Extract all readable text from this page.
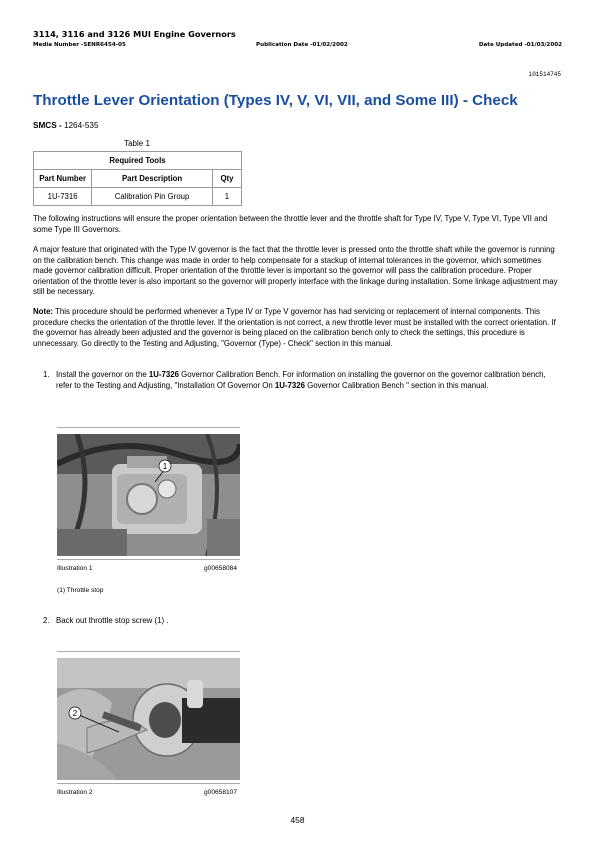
3114, 3116 and 3126 MUI Engine Governors
Media Number -SENR6454-05	Publication Date -01/02/2002	Date Updated -01/03/2002
i01514745
Throttle Lever Orientation (Types IV, V, VI, VII, and Some III) - Check
SMCS - 1264-535
Table 1
Required Tools		
Part Number	Part Description	Qty
1U-7316	Calibration Pin Group	1
The following instructions will ensure the proper orientation between the throttle lever and the throttle shaft for Type IV, Type V, Type VI, Type VII and some Type III Governors.
A major feature that originated with the Type IV governor is the fact that the throttle lever is pressed onto the throttle shaft while the governor is running on the calibration bench. This change was made in order to help compensate for a stackup of internal tolerances in the governor, which sometimes made governor calibration difficult. Proper orientation of the throttle lever is important so the governor will pass the calibration procedure. Proper orientation of the throttle lever is also important so the governor will properly interface with the linkage during installation. Some linkage adjustment may still be necessary.
Note: This procedure should be performed whenever a Type IV or Type V governor has had servicing or replacement of internal components. This procedure checks the orientation of the throttle lever. If the orientation is not correct, a new throttle lever must be installed with the correct orientation. If the governor has already been adjusted and the governor is being placed on the calibration bench only to check the settings, this procedure is unnecessary. Go directly to the Testing and Adjusting, "Governor (Type) - Check" section in this manual.
1. Install the governor on the 1U-7326 Governor Calibration Bench. For information on installing the governor on the governor calibration bench, refer to the Testing and Adjusting, "Installation Of Governor On 1U-7326 Governor Calibration Bench " section in this manual.
1
Illustration 1	g00658084
(1) Throttle stop
2. Back out throttle stop screw (1) .
2
Illustration 2	g00658107
458
